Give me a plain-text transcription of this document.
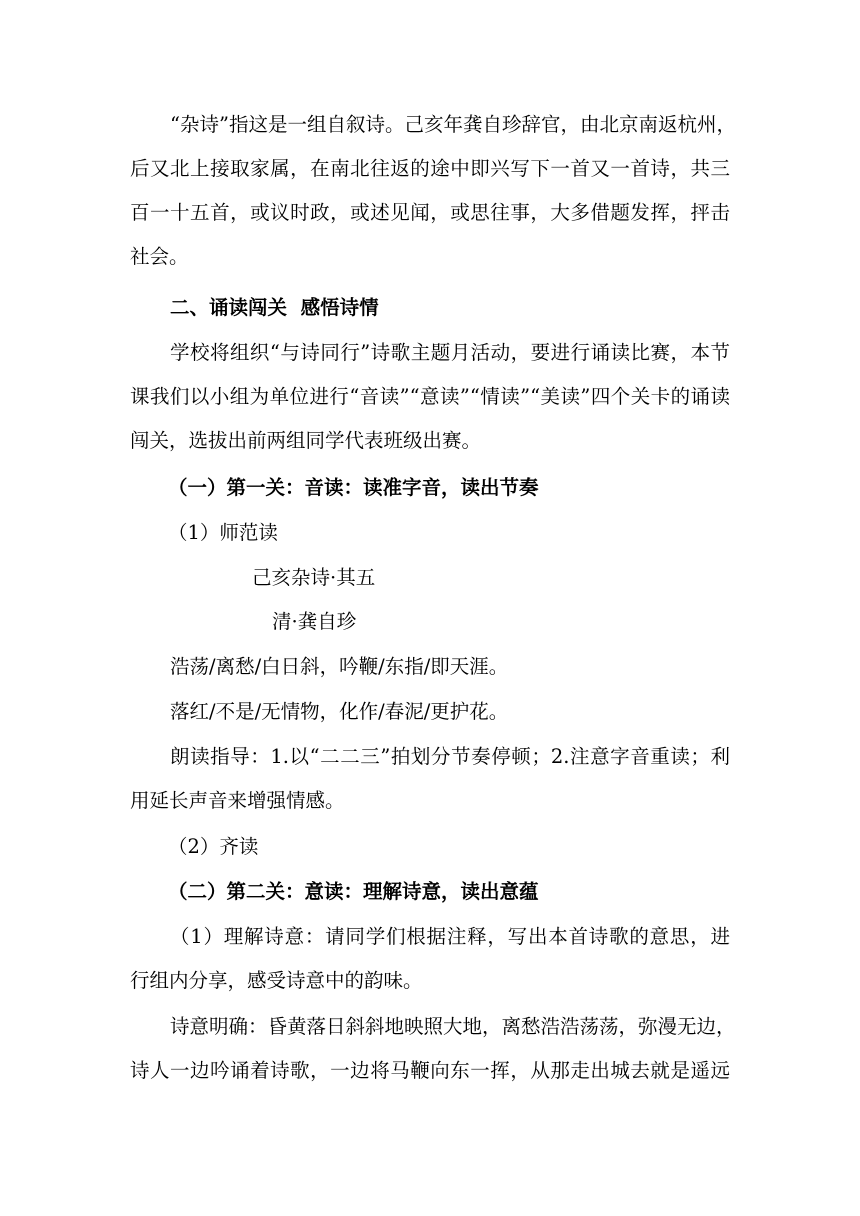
“杂诗”指这是一组自叙诗。己亥年龚自珍辞官，由北京南返杭州，
后又北上接取家属，在南北往返的途中即兴写下一首又一首诗，共三
百一十五首，或议时政，或述见闻，或思往事，大多借题发挥，抨击
社会。
二、诵读闯关  感悟诗情
学校将组织“与诗同行”诗歌主题月活动，要进行诵读比赛，本节
课我们以小组为单位进行“音读”“意读”“情读”“美读”四个关卡的诵读
闯关，选拔出前两组同学代表班级出赛。
（一）第一关：音读：读准字音，读出节奏
（1）师范读
己亥杂诗·其五
清·龚自珍
浩荡/离愁/白日斜，吟鞭/东指/即天涯。
落红/不是/无情物，化作/春泥/更护花。
朗读指导：1.以“二二三”拍划分节奏停顿；2.注意字音重读；利
用延长声音来增强情感。
（2）齐读
（二）第二关：意读：理解诗意，读出意蕴
（1）理解诗意：请同学们根据注释，写出本首诗歌的意思，进
行组内分享，感受诗意中的韵味。
诗意明确：昏黄落日斜斜地映照大地，离愁浩浩荡荡，弥漫无边，
诗人一边吟诵着诗歌，一边将马鞭向东一挥，从那走出城去就是遥远
